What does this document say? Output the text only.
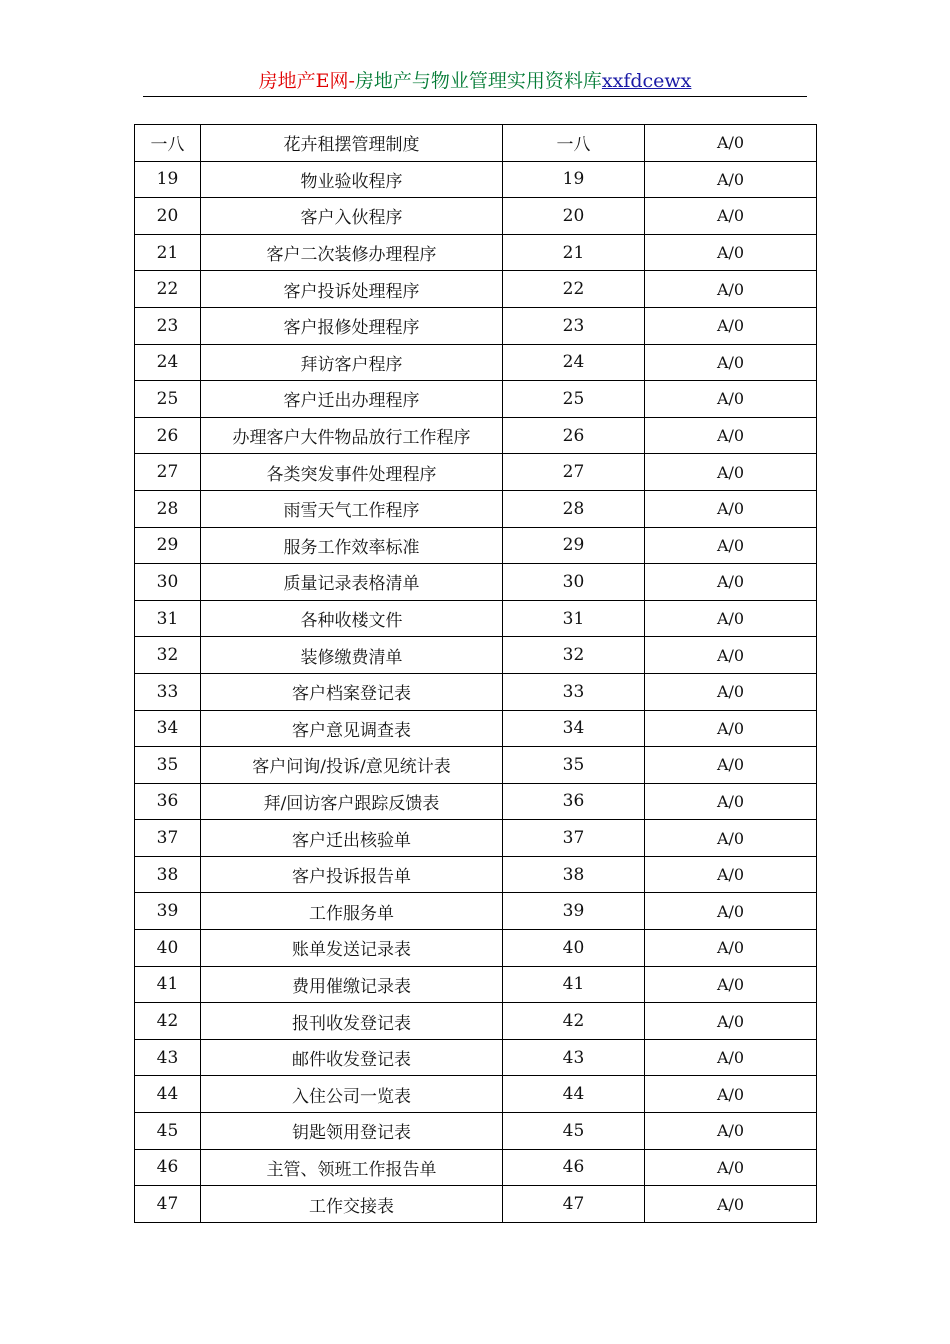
房地产E网-房地产与物业管理实用资料库xxfdcewx
一八	花卉租摆管理制度	一八	A/0
19	物业验收程序	19	A/0
20	客户入伙程序	20	A/0
21	客户二次装修办理程序	21	A/0
22	客户投诉处理程序	22	A/0
23	客户报修处理程序	23	A/0
24	拜访客户程序	24	A/0
25	客户迁出办理程序	25	A/0
26	办理客户大件物品放行工作程序	26	A/0
27	各类突发事件处理程序	27	A/0
28	雨雪天气工作程序	28	A/0
29	服务工作效率标准	29	A/0
30	质量记录表格清单	30	A/0
31	各种收楼文件	31	A/0
32	装修缴费清单	32	A/0
33	客户档案登记表	33	A/0
34	客户意见调查表	34	A/0
35	客户问询/投诉/意见统计表	35	A/0
36	拜/回访客户跟踪反馈表	36	A/0
37	客户迁出核验单	37	A/0
38	客户投诉报告单	38	A/0
39	工作服务单	39	A/0
40	账单发送记录表	40	A/0
41	费用催缴记录表	41	A/0
42	报刊收发登记表	42	A/0
43	邮件收发登记表	43	A/0
44	入住公司一览表	44	A/0
45	钥匙领用登记表	45	A/0
46	主管、领班工作报告单	46	A/0
47	工作交接表	47	A/0
